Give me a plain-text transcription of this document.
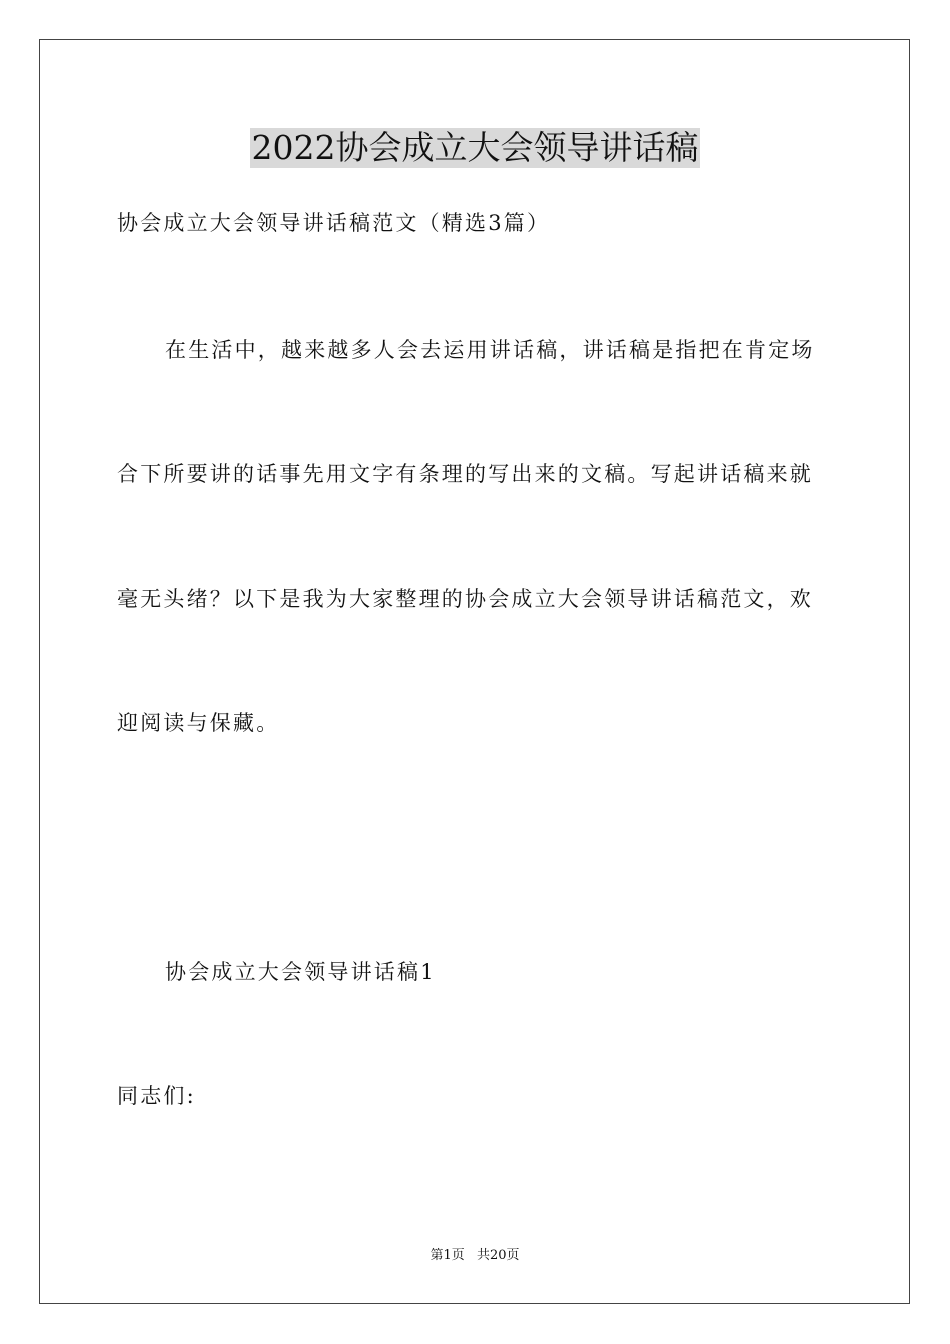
2022协会成立大会领导讲话稿
协会成立大会领导讲话稿范文（精选3篇）
在生活中，越来越多人会去运用讲话稿，讲话稿是指把在肯定场
合下所要讲的话事先用文字有条理的写出来的文稿。写起讲话稿来就
毫无头绪？以下是我为大家整理的协会成立大会领导讲话稿范文，欢
迎阅读与保藏。
协会成立大会领导讲话稿1
同志们:
第1页 共20页
